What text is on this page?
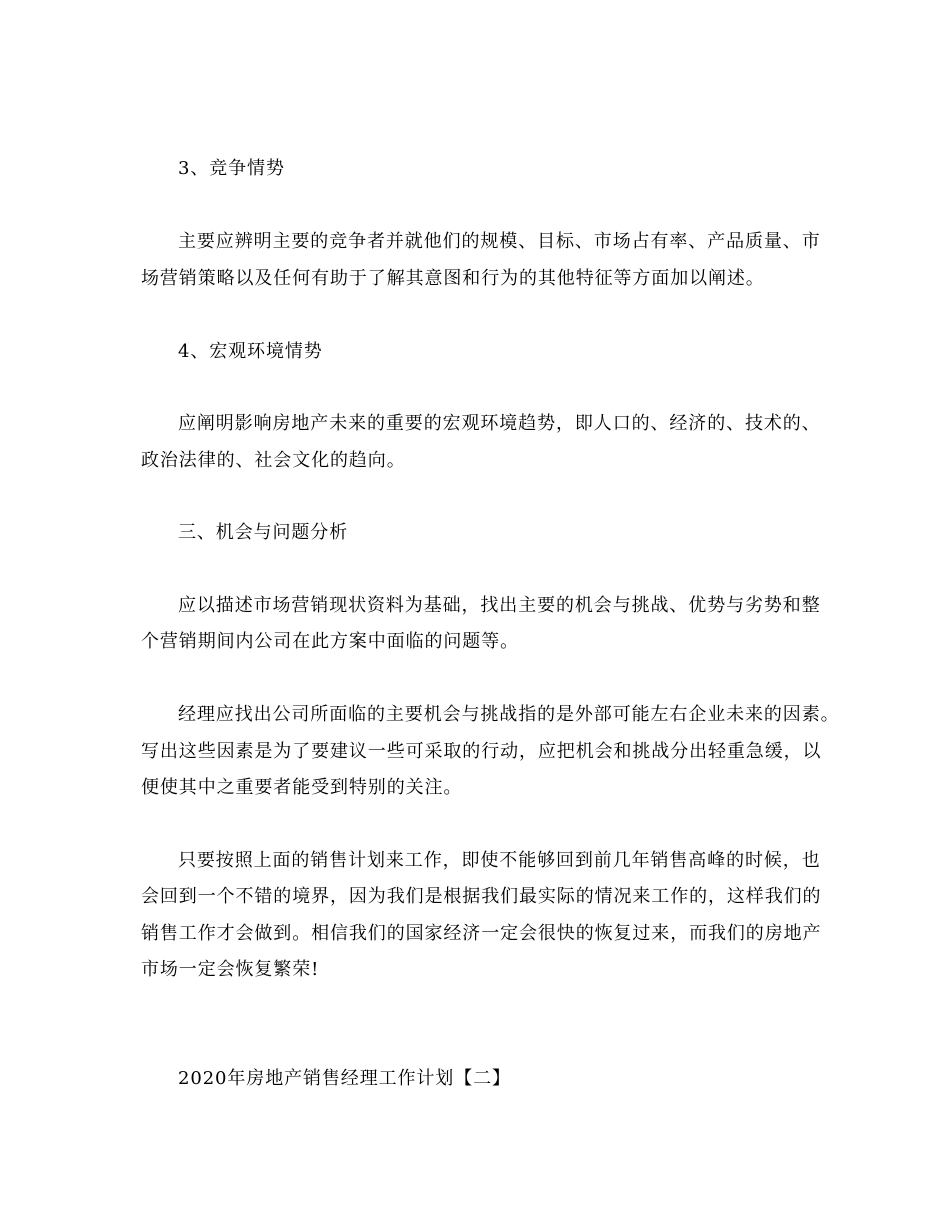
3、竞争情势
主要应辨明主要的竞争者并就他们的规模、目标、市场占有率、产品质量、市
场营销策略以及任何有助于了解其意图和行为的其他特征等方面加以阐述。
4、宏观环境情势
应阐明影响房地产未来的重要的宏观环境趋势，即人口的、经济的、技术的、
政治法律的、社会文化的趋向。
三、机会与问题分析
应以描述市场营销现状资料为基础，找出主要的机会与挑战、优势与劣势和整
个营销期间内公司在此方案中面临的问题等。
经理应找出公司所面临的主要机会与挑战指的是外部可能左右企业未来的因素。
写出这些因素是为了要建议一些可采取的行动，应把机会和挑战分出轻重急缓，以
便使其中之重要者能受到特别的关注。
只要按照上面的销售计划来工作，即使不能够回到前几年销售高峰的时候，也
会回到一个不错的境界，因为我们是根据我们最实际的情况来工作的，这样我们的
销售工作才会做到。相信我们的国家经济一定会很快的恢复过来，而我们的房地产
市场一定会恢复繁荣!
2020年房地产销售经理工作计划【二】
